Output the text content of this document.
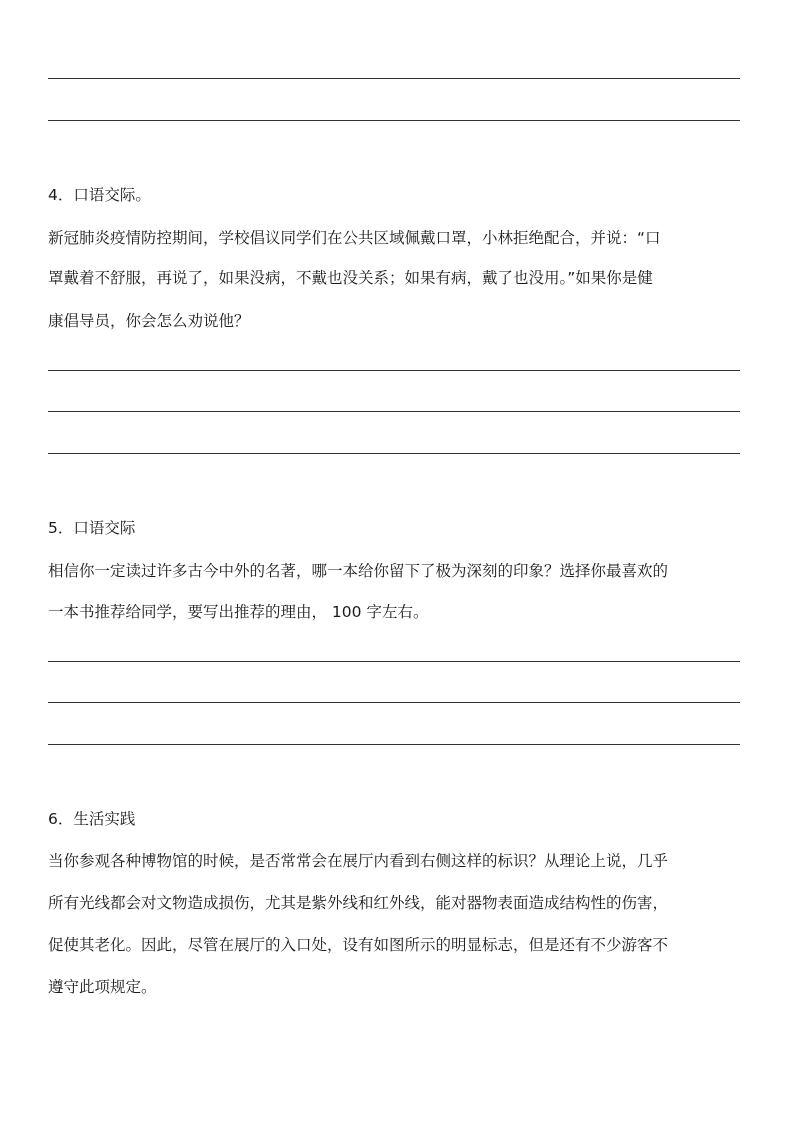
4．口语交际。
新冠肺炎疫情防控期间，学校倡议同学们在公共区域佩戴口罩，小林拒绝配合，并说：“口
罩戴着不舒服，再说了，如果没病，不戴也没关系；如果有病，戴了也没用。”如果你是健
康倡导员，你会怎么劝说他？
5．口语交际
相信你一定读过许多古今中外的名著，哪一本给你留下了极为深刻的印象？选择你最喜欢的
一本书推荐给同学，要写出推荐的理由， 100 字左右。
6．生活实践
当你参观各种博物馆的时候，是否常常会在展厅内看到右侧这样的标识？从理论上说，几乎
所有光线都会对文物造成损伤，尤其是紫外线和红外线，能对器物表面造成结构性的伤害，
促使其老化。因此，尽管在展厅的入口处，设有如图所示的明显标志，但是还有不少游客不
遵守此项规定。
